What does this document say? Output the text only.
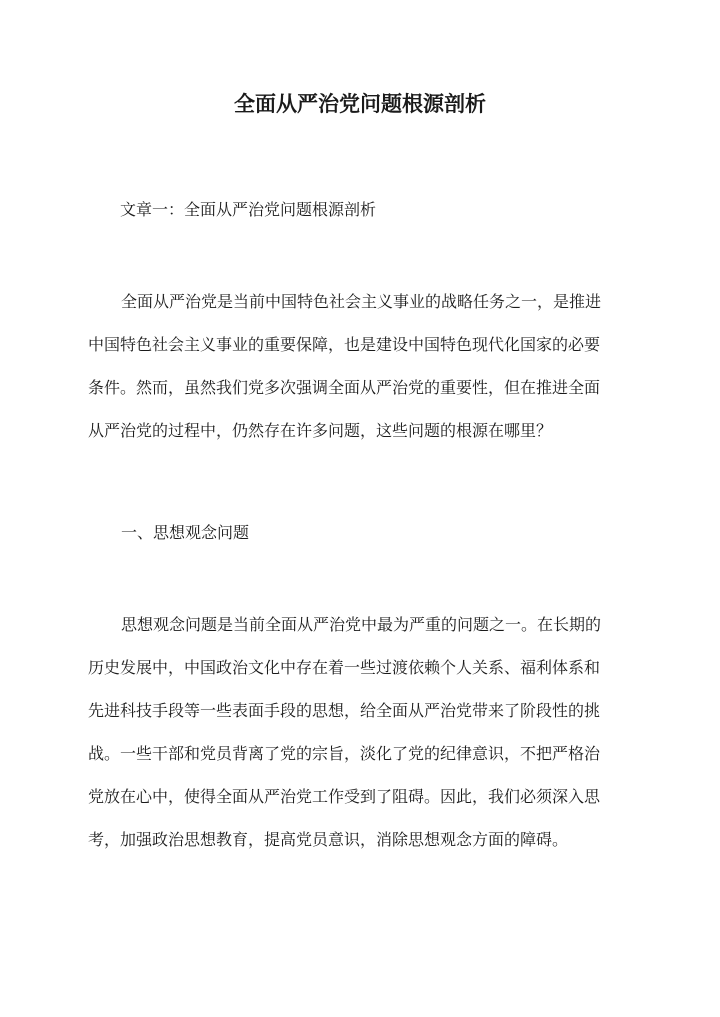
全面从严治党问题根源剖析

文章一：全面从严治党问题根源剖析

全面从严治党是当前中国特色社会主义事业的战略任务之一，是推进
中国特色社会主义事业的重要保障，也是建设中国特色现代化国家的必要
条件。然而，虽然我们党多次强调全面从严治党的重要性，但在推进全面
从严治党的过程中，仍然存在许多问题，这些问题的根源在哪里？

一、思想观念问题

思想观念问题是当前全面从严治党中最为严重的问题之一。在长期的
历史发展中，中国政治文化中存在着一些过渡依赖个人关系、福利体系和
先进科技手段等一些表面手段的思想，给全面从严治党带来了阶段性的挑
战。一些干部和党员背离了党的宗旨，淡化了党的纪律意识，不把严格治
党放在心中，使得全面从严治党工作受到了阻碍。因此，我们必须深入思
考，加强政治思想教育，提高党员意识，消除思想观念方面的障碍。
